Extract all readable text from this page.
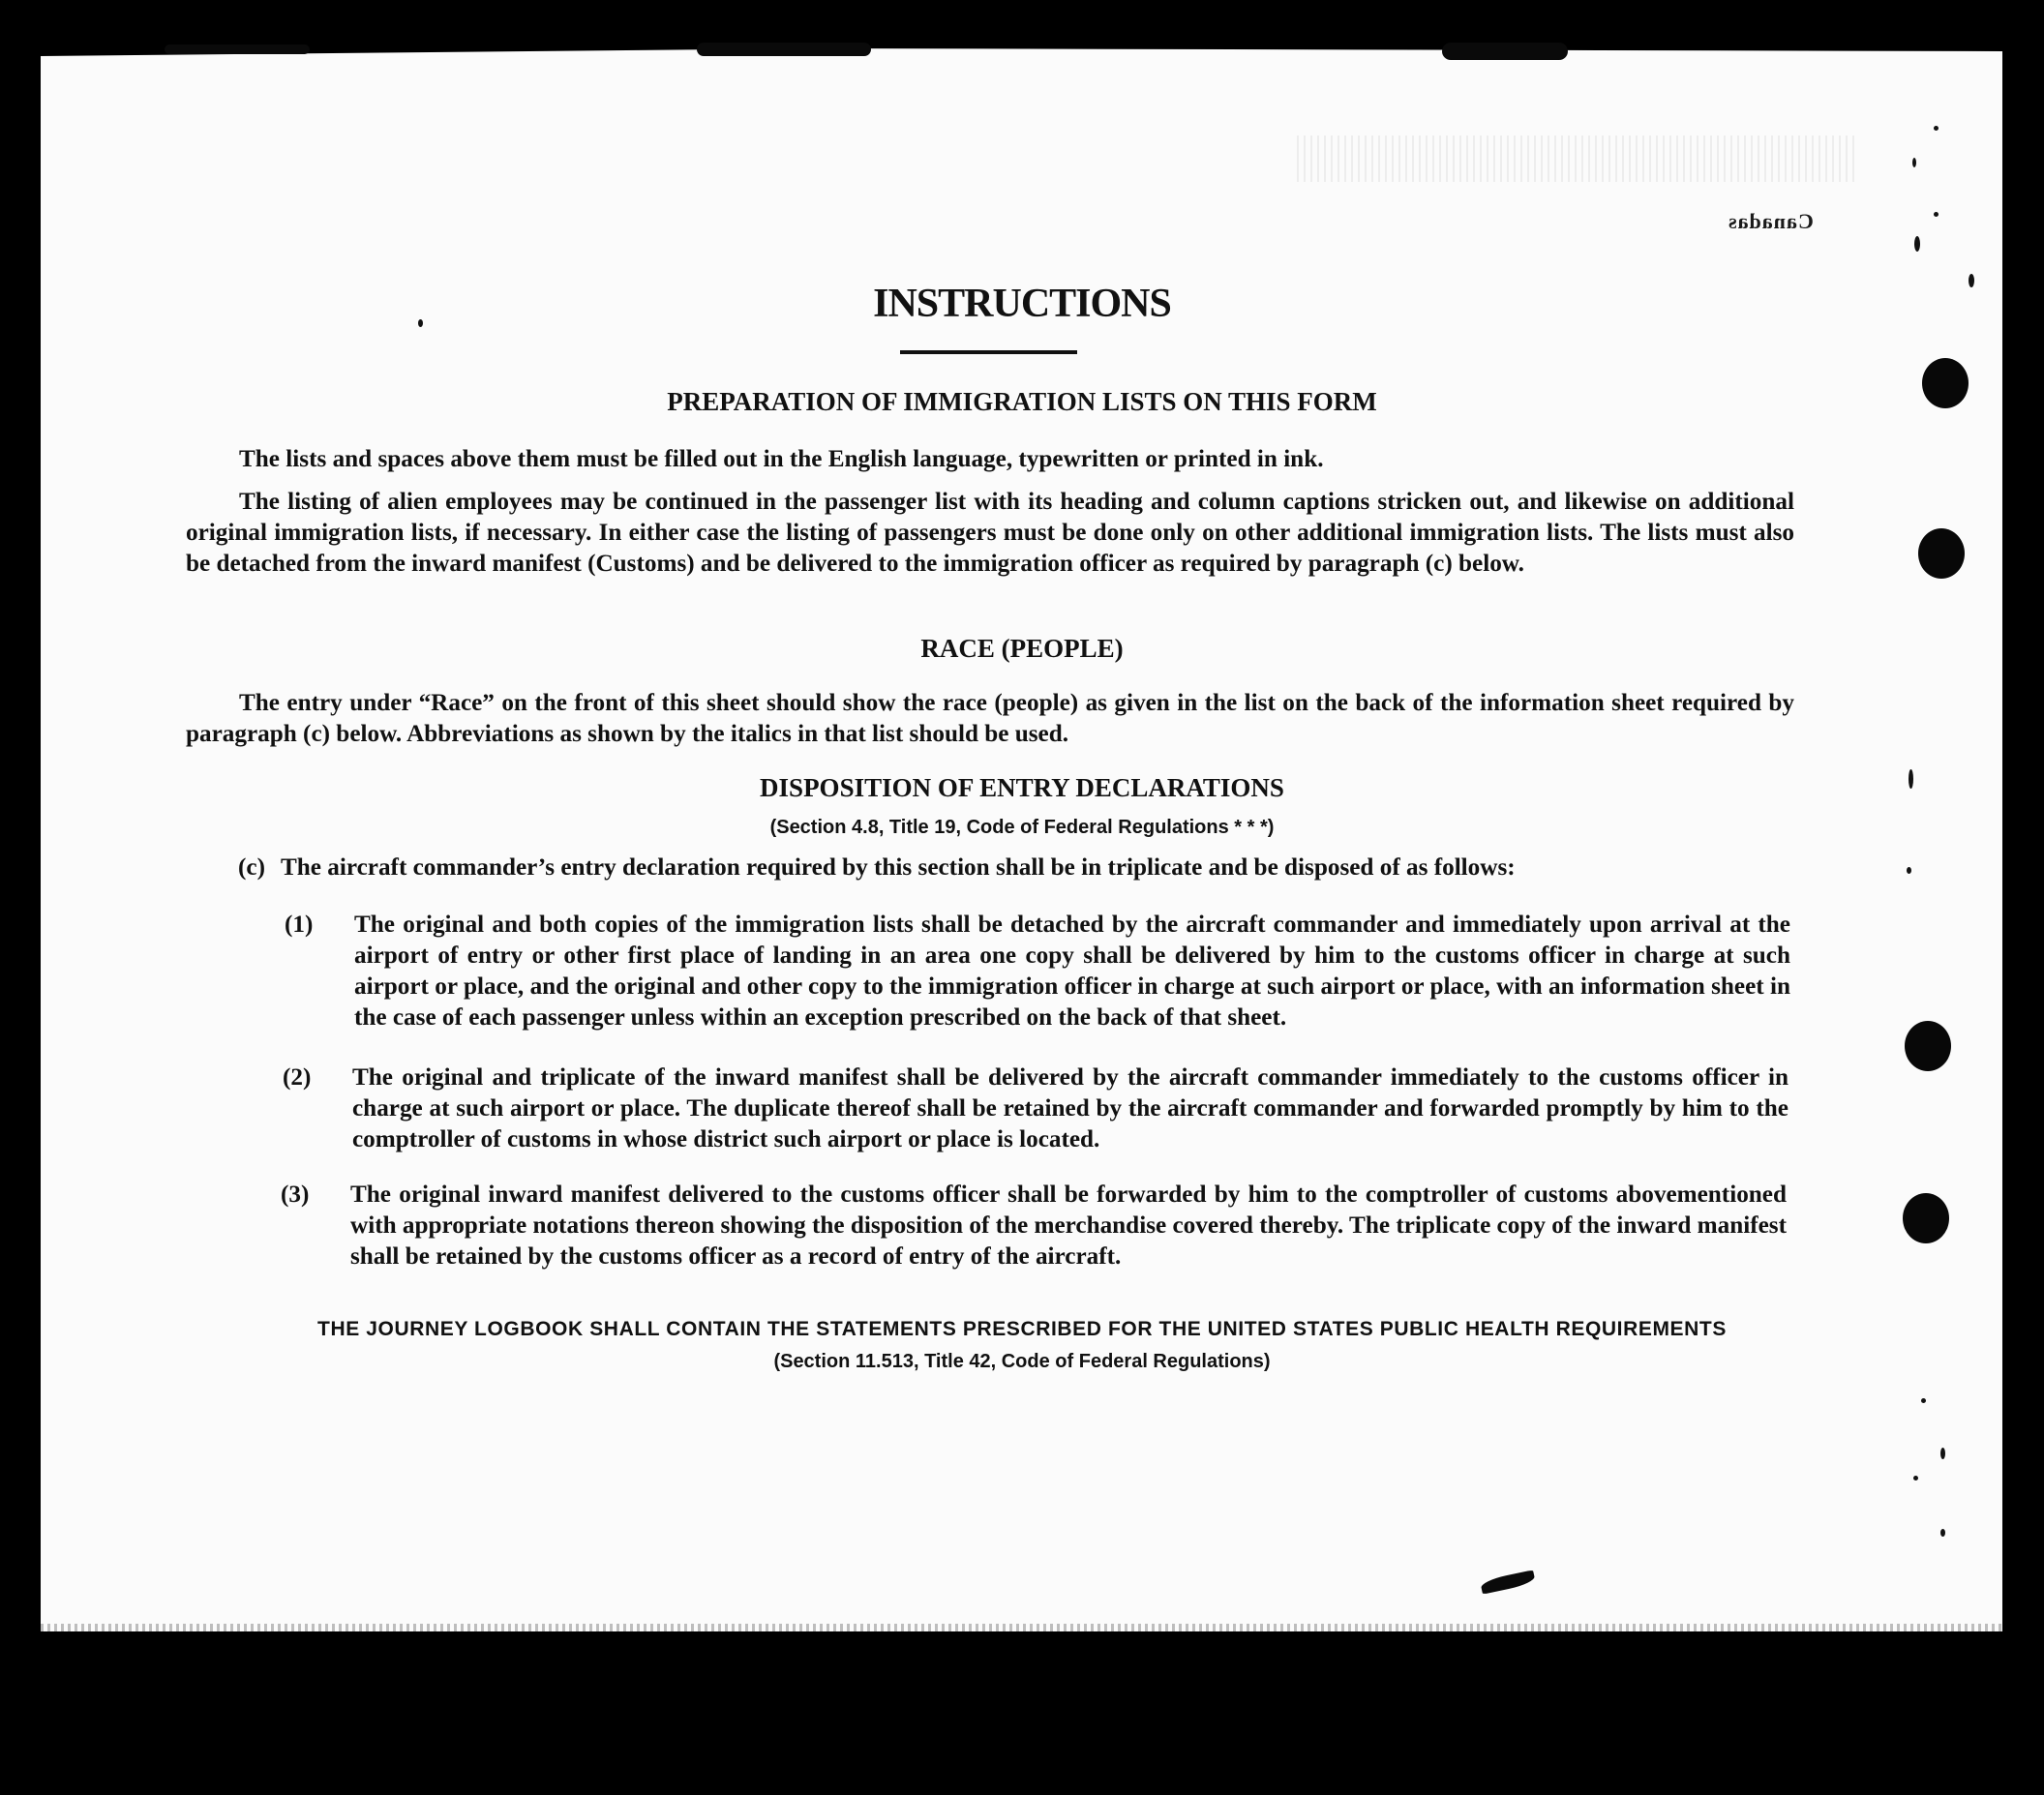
Canadas
INSTRUCTIONS
PREPARATION OF IMMIGRATION LISTS ON THIS FORM
The lists and spaces above them must be filled out in the English language, typewritten or printed in ink.
The listing of alien employees may be continued in the passenger list with its heading and column captions stricken out, and likewise on additional original immigration lists, if necessary. In either case the listing of passengers must be done only on other additional immigration lists. The lists must also be detached from the inward manifest (Customs) and be delivered to the immigration officer as required by paragraph (c) below.
RACE (PEOPLE)
The entry under “Race” on the front of this sheet should show the race (people) as given in the list on the back of the information sheet required by paragraph (c) below. Abbreviations as shown by the italics in that list should be used.
DISPOSITION OF ENTRY DECLARATIONS
(Section 4.8, Title 19, Code of Federal Regulations * * *)
(c) The aircraft commander’s entry declaration required by this section shall be in triplicate and be disposed of as follows:
(1)	The original and both copies of the immigration lists shall be detached by the aircraft commander and immediately upon arrival at the airport of entry or other first place of landing in an area one copy shall be delivered by him to the customs officer in charge at such airport or place, and the original and other copy to the immigration officer in charge at such airport or place, with an information sheet in the case of each passenger unless within an exception prescribed on the back of that sheet.
(2)	The original and triplicate of the inward manifest shall be delivered by the aircraft commander immediately to the customs officer in charge at such airport or place. The duplicate thereof shall be retained by the aircraft commander and forwarded promptly by him to the comptroller of customs in whose district such airport or place is located.
(3)	The original inward manifest delivered to the customs officer shall be forwarded by him to the comptroller of customs abovementioned with appropriate notations thereon showing the disposition of the merchandise covered thereby. The triplicate copy of the inward manifest shall be retained by the customs officer as a record of entry of the aircraft.
THE JOURNEY LOGBOOK SHALL CONTAIN THE STATEMENTS PRESCRIBED FOR THE UNITED STATES PUBLIC HEALTH REQUIREMENTS
(Section 11.513, Title 42, Code of Federal Regulations)
